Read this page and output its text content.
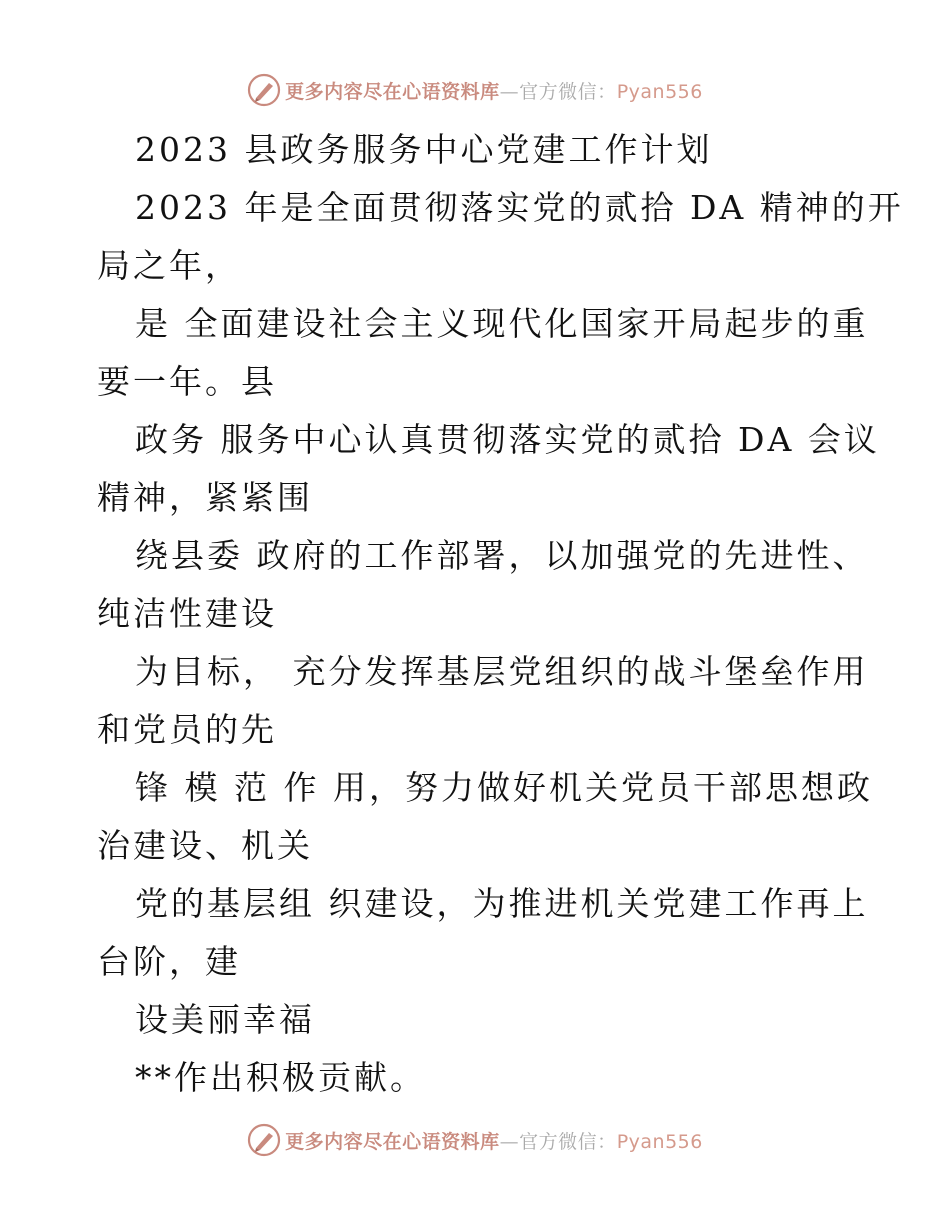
更多内容尽在心语资料库—官方微信：Pyan556
2023 县政务服务中心党建工作计划
2023 年是全面贯彻落实党的贰拾 DA 精神的开
局之年，
是 全面建设社会主义现代化国家开局起步的重
要一年。县
政务 服务中心认真贯彻落实党的贰拾 DA 会议
精神，紧紧围
绕县委 政府的工作部署，以加强党的先进性、
纯洁性建设
为目标， 充分发挥基层党组织的战斗堡垒作用
和党员的先
锋 模 范 作 用，努力做好机关党员干部思想政
治建设、机关
党的基层组 织建设，为推进机关党建工作再上
台阶，建
设美丽幸福
**作出积极贡献。
更多内容尽在心语资料库—官方微信：Pyan556
